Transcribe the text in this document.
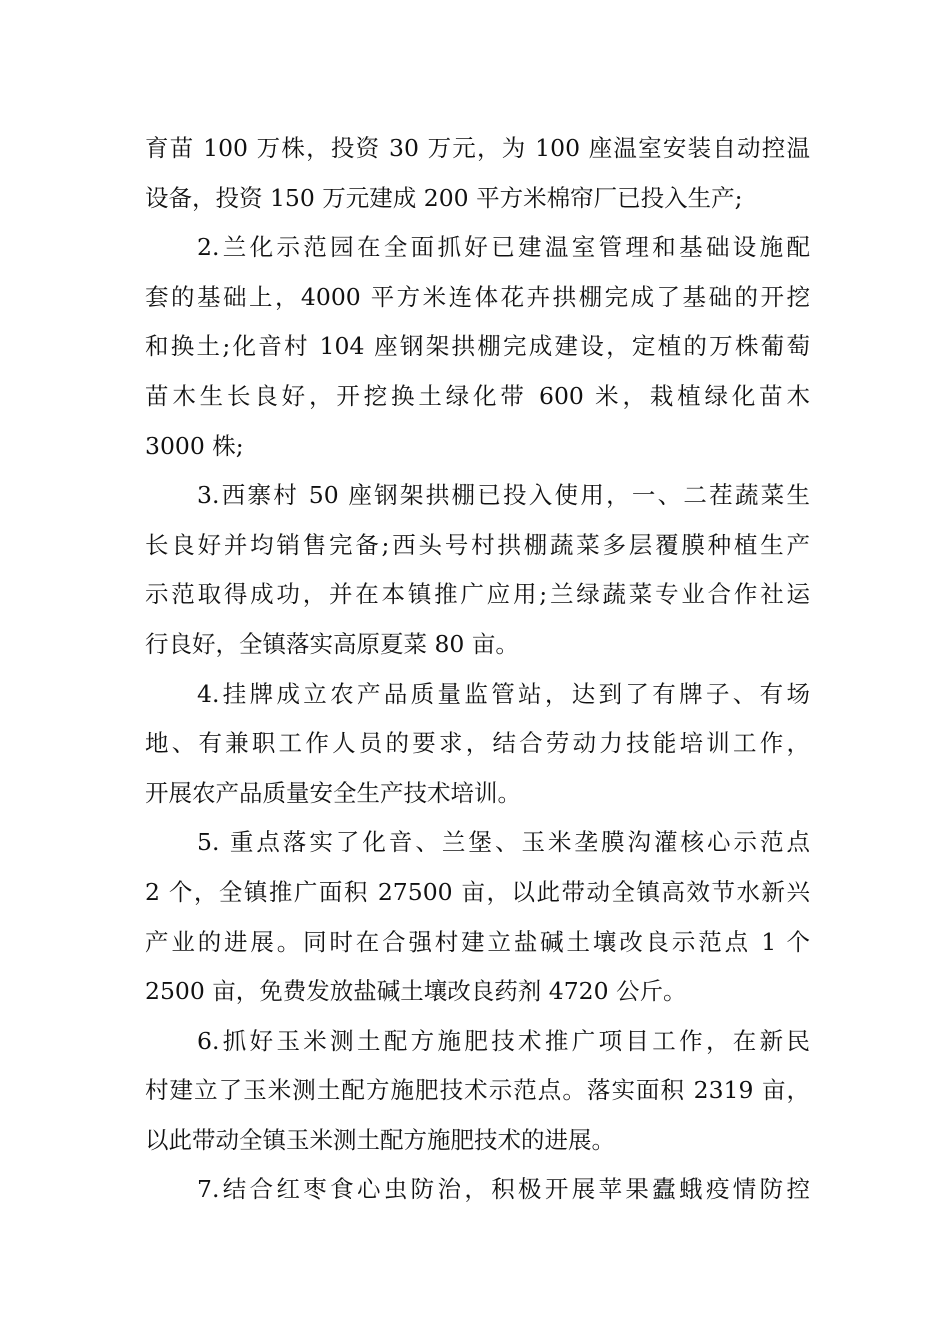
育苗 100 万株，投资 30 万元，为 100 座温室安装自动控温
设备，投资 150 万元建成 200 平方米棉帘厂已投入生产;
2.兰化示范园在全面抓好已建温室管理和基础设施配
套的基础上，4000 平方米连体花卉拱棚完成了基础的开挖
和换土;化音村 104 座钢架拱棚完成建设，定植的万株葡萄
苗木生长良好，开挖换土绿化带 600 米，栽植绿化苗木
3000 株;
3.西寨村 50 座钢架拱棚已投入使用，一、二茬蔬菜生
长良好并均销售完备;西头号村拱棚蔬菜多层覆膜种植生产
示范取得成功，并在本镇推广应用;兰绿蔬菜专业合作社运
行良好，全镇落实高原夏菜 80 亩。
4.挂牌成立农产品质量监管站，达到了有牌子、有场
地、有兼职工作人员的要求，结合劳动力技能培训工作，
开展农产品质量安全生产技术培训。
5. 重点落实了化音、兰堡、玉米垄膜沟灌核心示范点
2 个，全镇推广面积 27500 亩，以此带动全镇高效节水新兴
产业的进展。同时在合强村建立盐碱土壤改良示范点 1 个
2500 亩，免费发放盐碱土壤改良药剂 4720 公斤。
6.抓好玉米测土配方施肥技术推广项目工作，在新民
村建立了玉米测土配方施肥技术示范点。落实面积 2319 亩，
以此带动全镇玉米测土配方施肥技术的进展。
7.结合红枣食心虫防治，积极开展苹果蠹蛾疫情防控
